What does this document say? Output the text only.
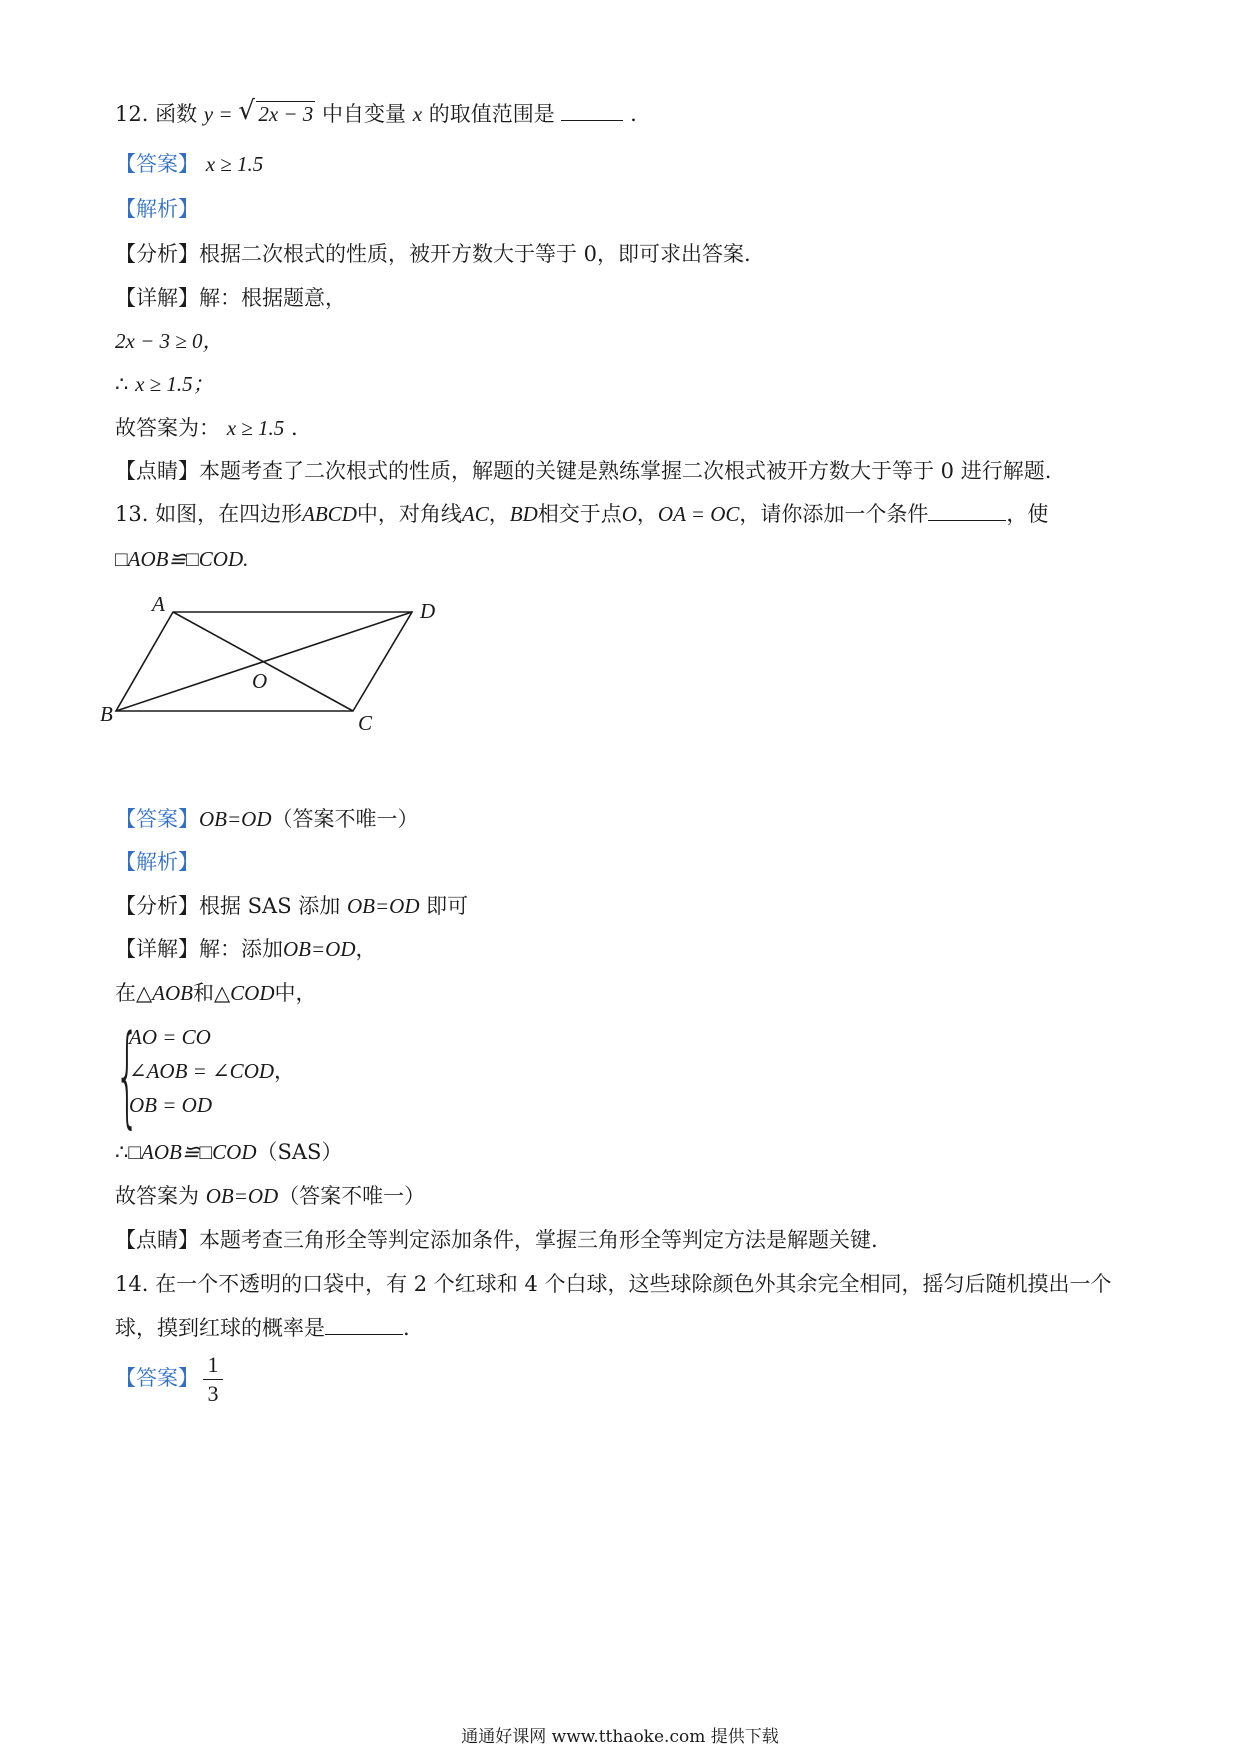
12. 函数 y = √ 2x − 3 中自变量 x 的取值范围是	.
【答案】 x ≥ 1.5
【解析】
【分析】根据二次根式的性质，被开方数大于等于 0，即可求出答案.
【详解】解：根据题意，
2x − 3 ≥ 0，
∴ x ≥ 1.5；
故答案为： x ≥ 1.5 .
【点睛】本题考查了二次根式的性质，解题的关键是熟练掌握二次根式被开方数大于等于 0 进行解题.
13. 如图，在四边形ABCD中，对角线AC，BD相交于点O，OA = OC，请你添加一个条件	，使
□AOB≌□COD.
A	D
O
B	C
【答案】OB=OD（答案不唯一）
【解析】
【分析】根据 SAS 添加 OB=OD 即可
【详解】解：添加OB=OD，
在△AOB和△COD中，
{
AO = CO
∠AOB = ∠COD，
OB = OD
∴□AOB≌□COD（SAS）
故答案为 OB=OD（答案不唯一）
【点睛】本题考查三角形全等判定添加条件，掌握三角形全等判定方法是解题关键.
14. 在一个不透明的口袋中，有 2 个红球和 4 个白球，这些球除颜色外其余完全相同，摇匀后随机摸出一个
球，摸到红球的概率是	.
【答案】
1
3
通通好课网 www.tthaoke.com 提供下载
